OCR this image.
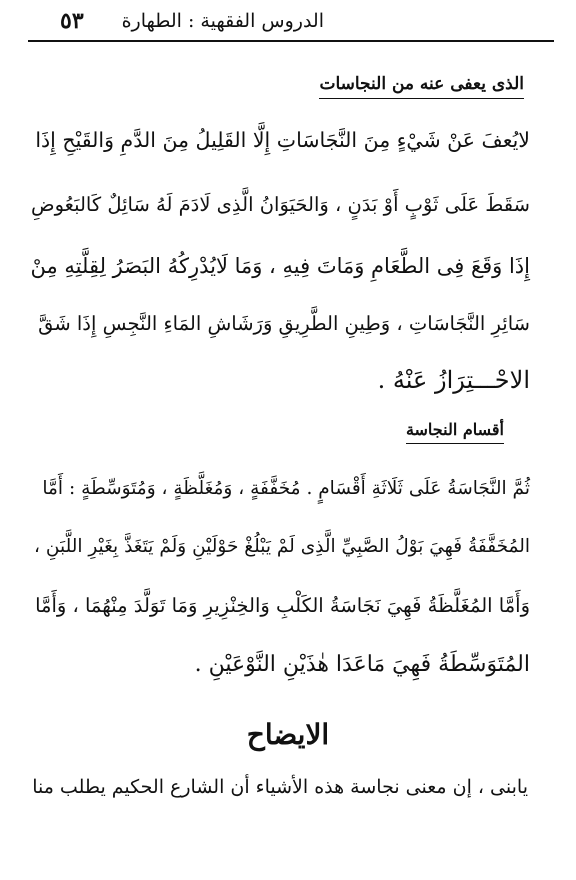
٥٣ الدروس الفقهية : الطهارة
الذى يعفى عنه من النجاسات
لايُعفَ عَنْ شَيْءٍ مِنَ النَّجَاسَاتِ إِلَّا القَلِيلُ مِنَ الدَّمِ وَالقَيْحِ إِذَا
سَقَطَ عَلَى ثَوْبٍ أَوْ بَدَنٍ ، وَالحَيَوَانُ الَّذِى لَادَمَ لَهُ سَائِلٌ كَالبَعُوضِ
إِذَا وَقَعَ فِى الطَّعَامِ وَمَاتَ فِيهِ ، وَمَا لَايُدْرِكُهُ البَصَرُ لِقِلَّتِهِ مِنْ
سَائِرِ النَّجَاسَاتِ ، وَطِينِ الطَّرِيقِ وَرَشَاشِ المَاءِ النَّجِسِ إِذَا شَقَّ
الاحْـــتِرَازُ عَنْهُ .
أقسام النجاسة
ثُمَّ النَّجَاسَةُ عَلَى ثَلَاثَةِ أَقْسَامٍ . مُخَفَّفَةٍ ، وَمُغَلَّظَةٍ ، وَمُتَوَسِّطَةٍ : أَمَّا
المُخَفَّفَةُ فَهِيَ بَوْلُ الصَّبِيِّ الَّذِى لَمْ يَبْلُغْ حَوْلَيْنِ وَلَمْ يَتَغَذَّ بِغَيْرِ اللَّبَنِ ،
وَأَمَّا المُغَلَّظَةُ فَهِيَ نَجَاسَةُ الكَلْبِ وَالخِنْزِيرِ وَمَا تَوَلَّدَ مِنْهُمَا ، وَأَمَّا
المُتَوَسِّطَةُ فَهِيَ مَاعَدَا هٰذَيْنِ النَّوْعَيْنِ .
الايضاح
يابنى ، إن معنى نجاسة هذه الأشياء أن الشارع الحكيم يطلب منا
